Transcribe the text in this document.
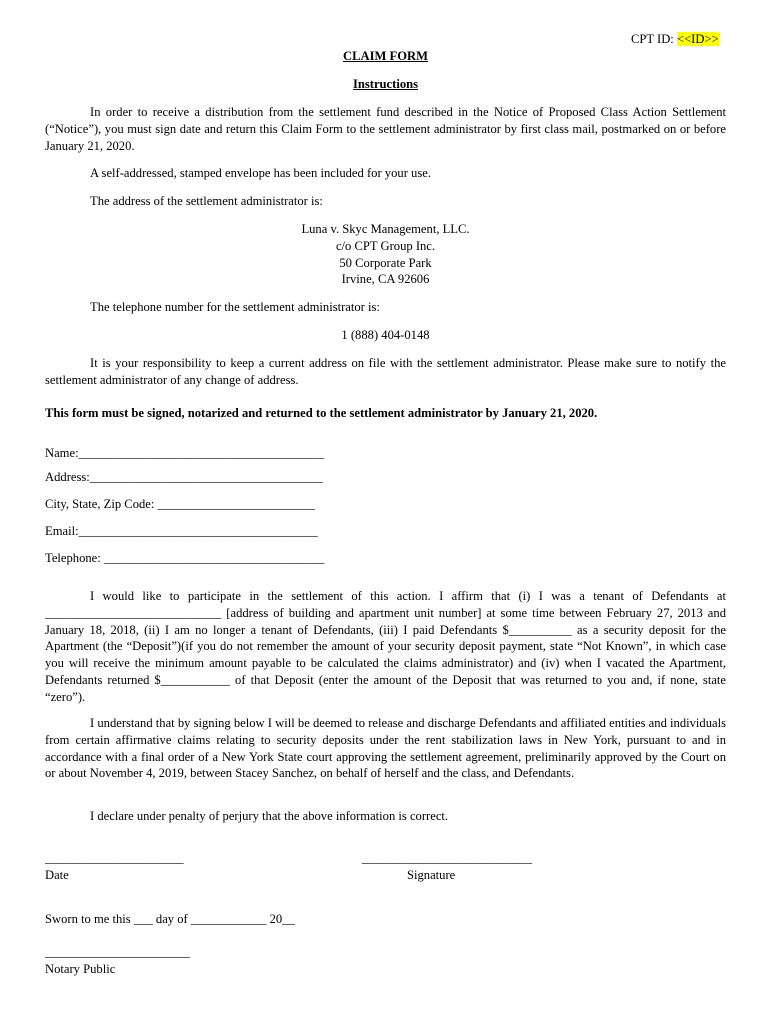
CPT ID: <<ID>>
CLAIM FORM
Instructions
In order to receive a distribution from the settlement fund described in the Notice of Proposed Class Action Settlement (“Notice”), you must sign date and return this Claim Form to the settlement administrator by first class mail, postmarked on or before January 21, 2020.
A self-addressed, stamped envelope has been included for your use.
The address of the settlement administrator is:
Luna v. Skyc Management, LLC.
c/o CPT Group Inc.
50 Corporate Park
Irvine, CA 92606
The telephone number for the settlement administrator is:
1 (888) 404-0148
It is your responsibility to keep a current address on file with the settlement administrator. Please make sure to notify the settlement administrator of any change of address.
This form must be signed, notarized and returned to the settlement administrator by January 21, 2020.
Name:_______________________________________
Address:_____________________________________
City, State, Zip Code: _________________________
Email:______________________________________
Telephone: ___________________________________
I would like to participate in the settlement of this action. I affirm that (i) I was a tenant of Defendants at ____________________________ [address of building and apartment unit number] at some time between February 27, 2013 and January 18, 2018, (ii) I am no longer a tenant of Defendants, (iii) I paid Defendants $__________ as a security deposit for the Apartment (the “Deposit”)(if you do not remember the amount of your security deposit payment, state “Not Known”, in which case you will receive the minimum amount payable to be calculated the claims administrator) and (iv) when I vacated the Apartment, Defendants returned $___________ of that Deposit (enter the amount of the Deposit that was returned to you and, if none, state “zero”).
I understand that by signing below I will be deemed to release and discharge Defendants and affiliated entities and individuals from certain affirmative claims relating to security deposits under the rent stabilization laws in New York, pursuant to and in accordance with a final order of a New York State court approving the settlement agreement, preliminarily approved by the Court on or about November 4, 2019, between Stacey Sanchez, on behalf of herself and the class, and Defendants.
I declare under penalty of perjury that the above information is correct.
______________________
Date
___________________________
Signature
Sworn to me this ___ day of ____________ 20__
_______________________
Notary Public
